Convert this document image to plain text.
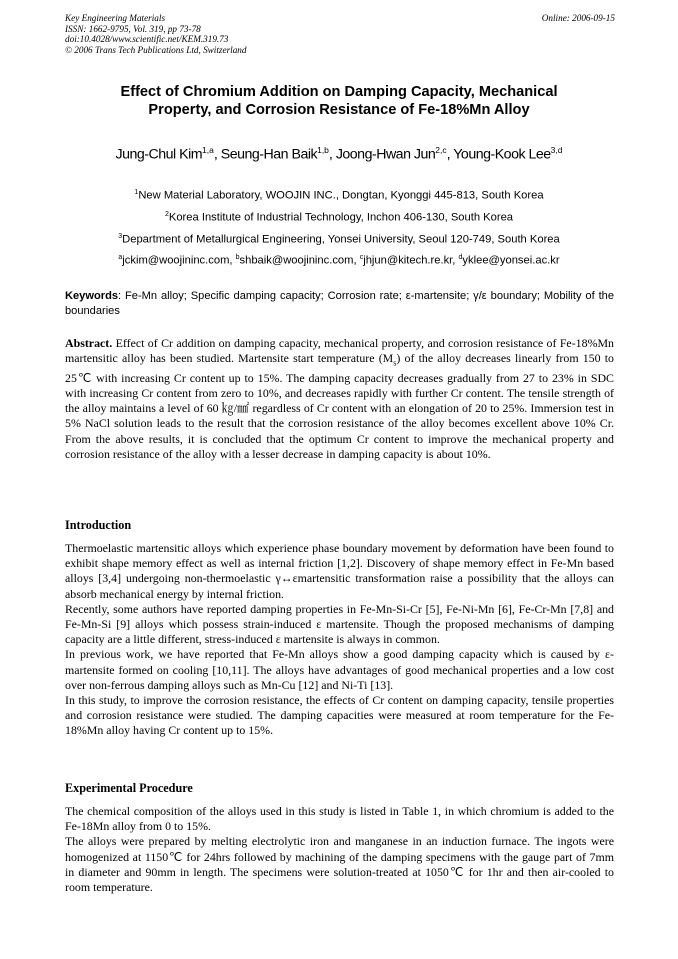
Key Engineering Materials
ISSN: 1662-9795, Vol. 319, pp 73-78
doi:10.4028/www.scientific.net/KEM.319.73
© 2006 Trans Tech Publications Ltd, Switzerland
Online: 2006-09-15
Effect of Chromium Addition on Damping Capacity, Mechanical
Property, and Corrosion Resistance of Fe-18%Mn Alloy
Jung-Chul Kim$^{1,a}$, Seung-Han Baik$^{1,b}$, Joong-Hwan Jun$^{2,c}$, Young-Kook Lee$^{3,d}$
$^1$New Material Laboratory, WOOJIN INC., Dongtan, Kyonggi 445-813, South Korea
$^2$Korea Institute of Industrial Technology, Inchon 406-130, South Korea
$^3$Department of Metallurgical Engineering, Yonsei University, Seoul 120-749, South Korea
$^a$jckim@woojininc.com, $^b$shbaik@woojininc.com, $^c$jhjun@kitech.re.kr, $^d$yklee@yonsei.ac.kr
Keywords: Fe-Mn alloy; Specific damping capacity; Corrosion rate; ε-martensite; γ/ε boundary; Mobility of the boundaries
Abstract. Effect of Cr addition on damping capacity, mechanical property, and corrosion resistance of Fe-18%Mn martensitic alloy has been studied. Martensite start temperature $(M_s)$ of the alloy decreases linearly from 150 to 25℃ with increasing Cr content up to 15%. The damping capacity decreases gradually from 27 to 23% in SDC with increasing Cr content from zero to 10%, and decreases rapidly with further Cr content. The tensile strength of the alloy maintains a level of 60 ㎏/㎟ regardless of Cr content with an elongation of 20 to 25%. Immersion test in 5% NaCl solution leads to the result that the corrosion resistance of the alloy becomes excellent above 10% Cr. From the above results, it is concluded that the optimum Cr content to improve the mechanical property and corrosion resistance of the alloy with a lesser decrease in damping capacity is about 10%.
Introduction

Thermoelastic martensitic alloys which experience phase boundary movement by deformation have been found to exhibit shape memory effect as well as internal friction [1,2]. Discovery of shape memory effect in Fe-Mn based alloys [3,4] undergoing non-thermoelastic γ↔εmartensitic transformation raise a possibility that the alloys can absorb mechanical energy by internal friction.

Recently, some authors have reported damping properties in Fe-Mn-Si-Cr [5], Fe-Ni-Mn [6], Fe-Cr-Mn [7,8] and Fe-Mn-Si [9] alloys which possess strain-induced ε martensite. Though the proposed mechanisms of damping capacity are a little different, stress-induced ε martensite is always in common.

In previous work, we have reported that Fe-Mn alloys show a good damping capacity which is caused by ε-martensite formed on cooling [10,11]. The alloys have advantages of good mechanical properties and a low cost over non-ferrous damping alloys such as Mn-Cu [12] and Ni-Ti [13].

In this study, to improve the corrosion resistance, the effects of Cr content on damping capacity, tensile properties and corrosion resistance were studied. The damping capacities were measured at room temperature for the Fe-18%Mn alloy having Cr content up to 15%.

Experimental Procedure

The chemical composition of the alloys used in this study is listed in Table 1, in which chromium is added to the Fe-18Mn alloy from 0 to 15%.

The alloys were prepared by melting electrolytic iron and manganese in an induction furnace. The ingots were homogenized at 1150℃ for 24hrs followed by machining of the damping specimens with the gauge part of 7mm in diameter and 90mm in length. The specimens were solution-treated at 1050℃ for 1hr and then air-cooled to room temperature.
